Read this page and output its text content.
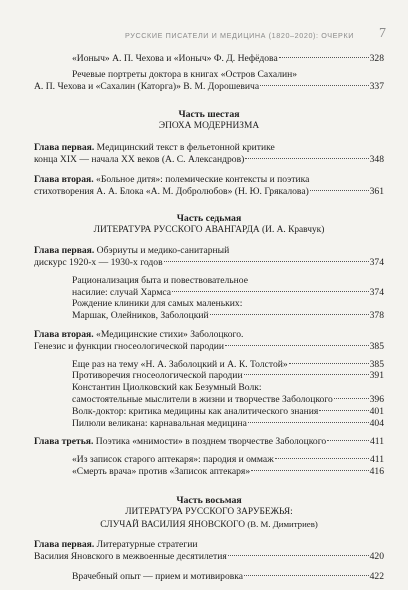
РУССКИЕ ПИСАТЕЛИ И МЕДИЦИНА (1820–2020): ОЧЕРКИ 7
«Ионыч» А. П. Чехова и «Ионыч» Ф. Д. Нефёдова	328
Речевые портреты доктора в книгах «Остров Сахалин»
А. П. Чехова и «Сахалин (Каторга)» В. М. Дорошевича	337
Часть шестая
ЭПОХА МОДЕРНИЗМА
Глава первая. Медицинский текст в фельетонной критике
конца XIX — начала XX веков (А. С. Александров)	348
Глава вторая. «Больное дитя»: полемические контексты и поэтика
стихотворения А. А. Блока «А. М. Добролюбов» (Н. Ю. Грякалова)	361
Часть седьмая
ЛИТЕРАТУРА РУССКОГО АВАНГАРДА (И. А. Кравчук)
Глава первая. Обэриуты и медико-санитарный
дискурс 1920-х — 1930-х годов	374
Рационализация быта и повествовательное
насилие: случай Хармса	374
Рождение клиники для самых маленьких:
Маршак, Олейников, Заболоцкий	378
Глава вторая. «Медицинские стихи» Заболоцкого.
Генезис и функции гносеологической пародии	385
Еще раз на тему «Н. А. Заболоцкий и А. К. Толстой»	385
Противоречия гносеологической пародии	391
Константин Циолковский как Безумный Волк:
самостоятельные мыслители в жизни и творчестве Заболоцкого	396
Волк-доктор: критика медицины как аналитического знания	401
Пилюли великана: карнавальная медицина	404
Глава третья. Поэтика «мнимости» в позднем творчестве Заболоцкого	411
«Из записок старого аптекаря»: пародия и оммаж	411
«Смерть врача» против «Записок аптекаря»	416
Часть восьмая
ЛИТЕРАТУРА РУССКОГО ЗАРУБЕЖЬЯ:
СЛУЧАЙ ВАСИЛИЯ ЯНОВСКОГО (В. М. Димитриев)
Глава первая. Литературные стратегии
Василия Яновского в межвоенные десятилетия	420
Врачебный опыт — прием и мотивировка	422
